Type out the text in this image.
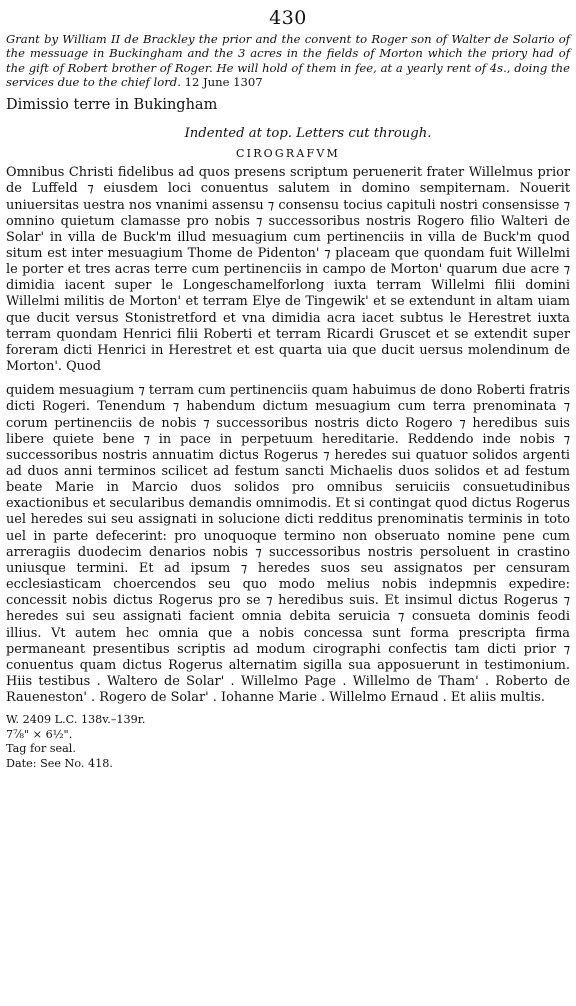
430

Grant by William II de Brackley the prior and the convent to Roger son of Walter de Solario of the messuage in Buckingham and the 3 acres in the fields of Morton which the priory had of the gift of Robert brother of Roger. He will hold of them in fee, at a yearly rent of 4s., doing the services due to the chief lord. 12 June 1307

Dimissio terre in Bukingham
Indented at top. Letters cut through.
CIROGRAFVM

Omnibus Christi fidelibus ad quos presens scriptum peruenerit frater Willelmus prior de Luffeld ⁊ eiusdem loci conuentus salutem in domino sempiternam. Nouerit uniuersitas uestra nos vnanimi assensu ⁊ consensu tocius capituli nostri consensisse ⁊ omnino quietum clamasse pro nobis ⁊ successoribus nostris Rogero filio Walteri de Solar' in villa de Buck'm illud mesuagium cum pertinenciis in villa de Buck'm quod situm est inter mesuagium Thome de Pidenton' ⁊ placeam que quondam fuit Willelmi le porter et tres acras terre cum pertinenciis in campo de Morton' quarum due acre ⁊ dimidia iacent super le Longeschamelforlong iuxta terram Willelmi filii domini Willelmi militis de Morton' et terram Elye de Tingewik' et se extendunt in altam uiam que ducit versus Stonistretford et vna dimidia acra iacet subtus le Herestret iuxta terram quondam Henrici filii Roberti et terram Ricardi Gruscet et se extendit super foreram dicti Henrici in Herestret et est quarta uia que ducit uersus molendinum de Morton'. Quod

quidem mesuagium ⁊ terram cum pertinenciis quam habuimus de dono Roberti fratris dicti Rogeri. Tenendum ⁊ habendum dictum mesuagium cum terra prenominata ⁊ corum pertinenciis de nobis ⁊ successoribus nostris dicto Rogero ⁊ heredibus suis libere quiete bene ⁊ in pace in perpetuum hereditarie. Reddendo inde nobis ⁊ successoribus nostris annuatim dictus Rogerus ⁊ heredes sui quatuor solidos argenti ad duos anni terminos scilicet ad festum sancti Michaelis duos solidos et ad festum beate Marie in Marcio duos solidos pro omnibus seruiciis consuetudinibus exactionibus et secularibus demandis omnimodis. Et si contingat quod dictus Rogerus uel heredes sui seu assignati in solucione dicti redditus prenominatis terminis in toto uel in parte defecerint: pro unoquoque termino non obseruato nomine pene cum arreragiis duodecim denarios nobis ⁊ successoribus nostris persoluent in crastino uniusque termini. Et ad ipsum ⁊ heredes suos seu assignatos per censuram ecclesiasticam choercendos seu quo modo melius nobis indepmnis expedire: concessit nobis dictus Rogerus pro se ⁊ heredibus suis. Et insimul dictus Rogerus ⁊ heredes sui seu assignati facient omnia debita seruicia ⁊ consueta dominis feodi illius. Vt autem hec omnia que a nobis concessa sunt forma prescripta firma permaneant presentibus scriptis ad modum cirographi confectis tam dicti prior ⁊ conuentus quam dictus Rogerus alternatim sigilla sua apposuerunt in testimonium. Hiis testibus . Waltero de Solar' . Willelmo Page . Willelmo de Tham' . Roberto de Raueneston' . Rogero de Solar' . Iohanne Marie . Willelmo Ernaud . Et aliis multis.

W. 2409 L.C. 138v.–139r.
7⅞" × 6½".
Tag for seal.
Date: See No. 418.
